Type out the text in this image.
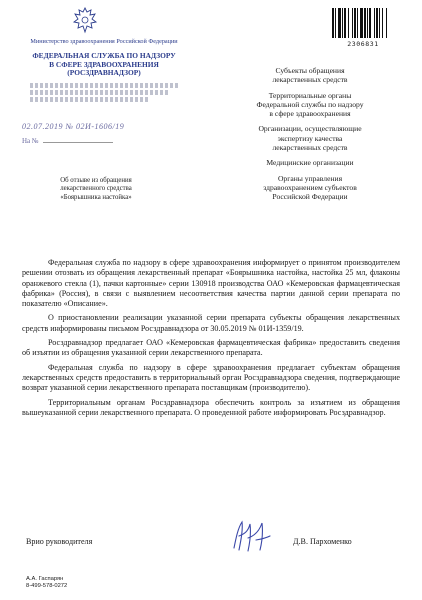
Министерство здравоохранения Российской Федерации
ФЕДЕРАЛЬНАЯ СЛУЖБА ПО НАДЗОРУ
В СФЕРЕ ЗДРАВООХРАНЕНИЯ
(РОСЗДРАВНАДЗОР)
02.07.2019 № 02И-1606/19
На №
Об отзыве из обращения
лекарственного средства
«Боярышника настойка»
2306831
Субъекты обращения
лекарственных средств
Территориальные органы
Федеральной службы по надзору
в сфере здравоохранения
Организации, осуществляющие
экспертизу качества
лекарственных средств
Медицинские организации
Органы управления
здравоохранением субъектов
Российской Федерации

Федеральная служба по надзору в сфере здравоохранения информирует о принятом производителем решении отозвать из обращения лекарственный препарат «Боярышника настойка, настойка 25 мл, флаконы оранжевого стекла (1), пачки картонные» серии 130918 производства ОАО «Кемеровская фармацевтическая фабрика» (Россия), в связи с выявлением несоответствия качества партии данной серии препарата по показателю «Описание».

О приостановлении реализации указанной серии препарата субъекты обращения лекарственных средств информированы письмом Росздравнадзора от 30.05.2019 № 01И-1359/19.

Росздравнадзор предлагает ОАО «Кемеровская фармацевтическая фабрика» предоставить сведения об изъятии из обращения указанной серии лекарственного препарата.

Федеральная служба по надзору в сфере здравоохранения предлагает субъектам обращения лекарственных средств предоставить в территориальный орган Росздравнадзора сведения, подтверждающие возврат указанной серии лекарственного препарата поставщикам (производителю).

Территориальным органам Росздравнадзора обеспечить контроль за изъятием из обращения вышеуказанной серии лекарственного препарата. О проведенной работе информировать Росздравнадзор.

Врио руководителя	Д.В. Пархоменко
А.А. Гаспарян
8-499-578-0272
